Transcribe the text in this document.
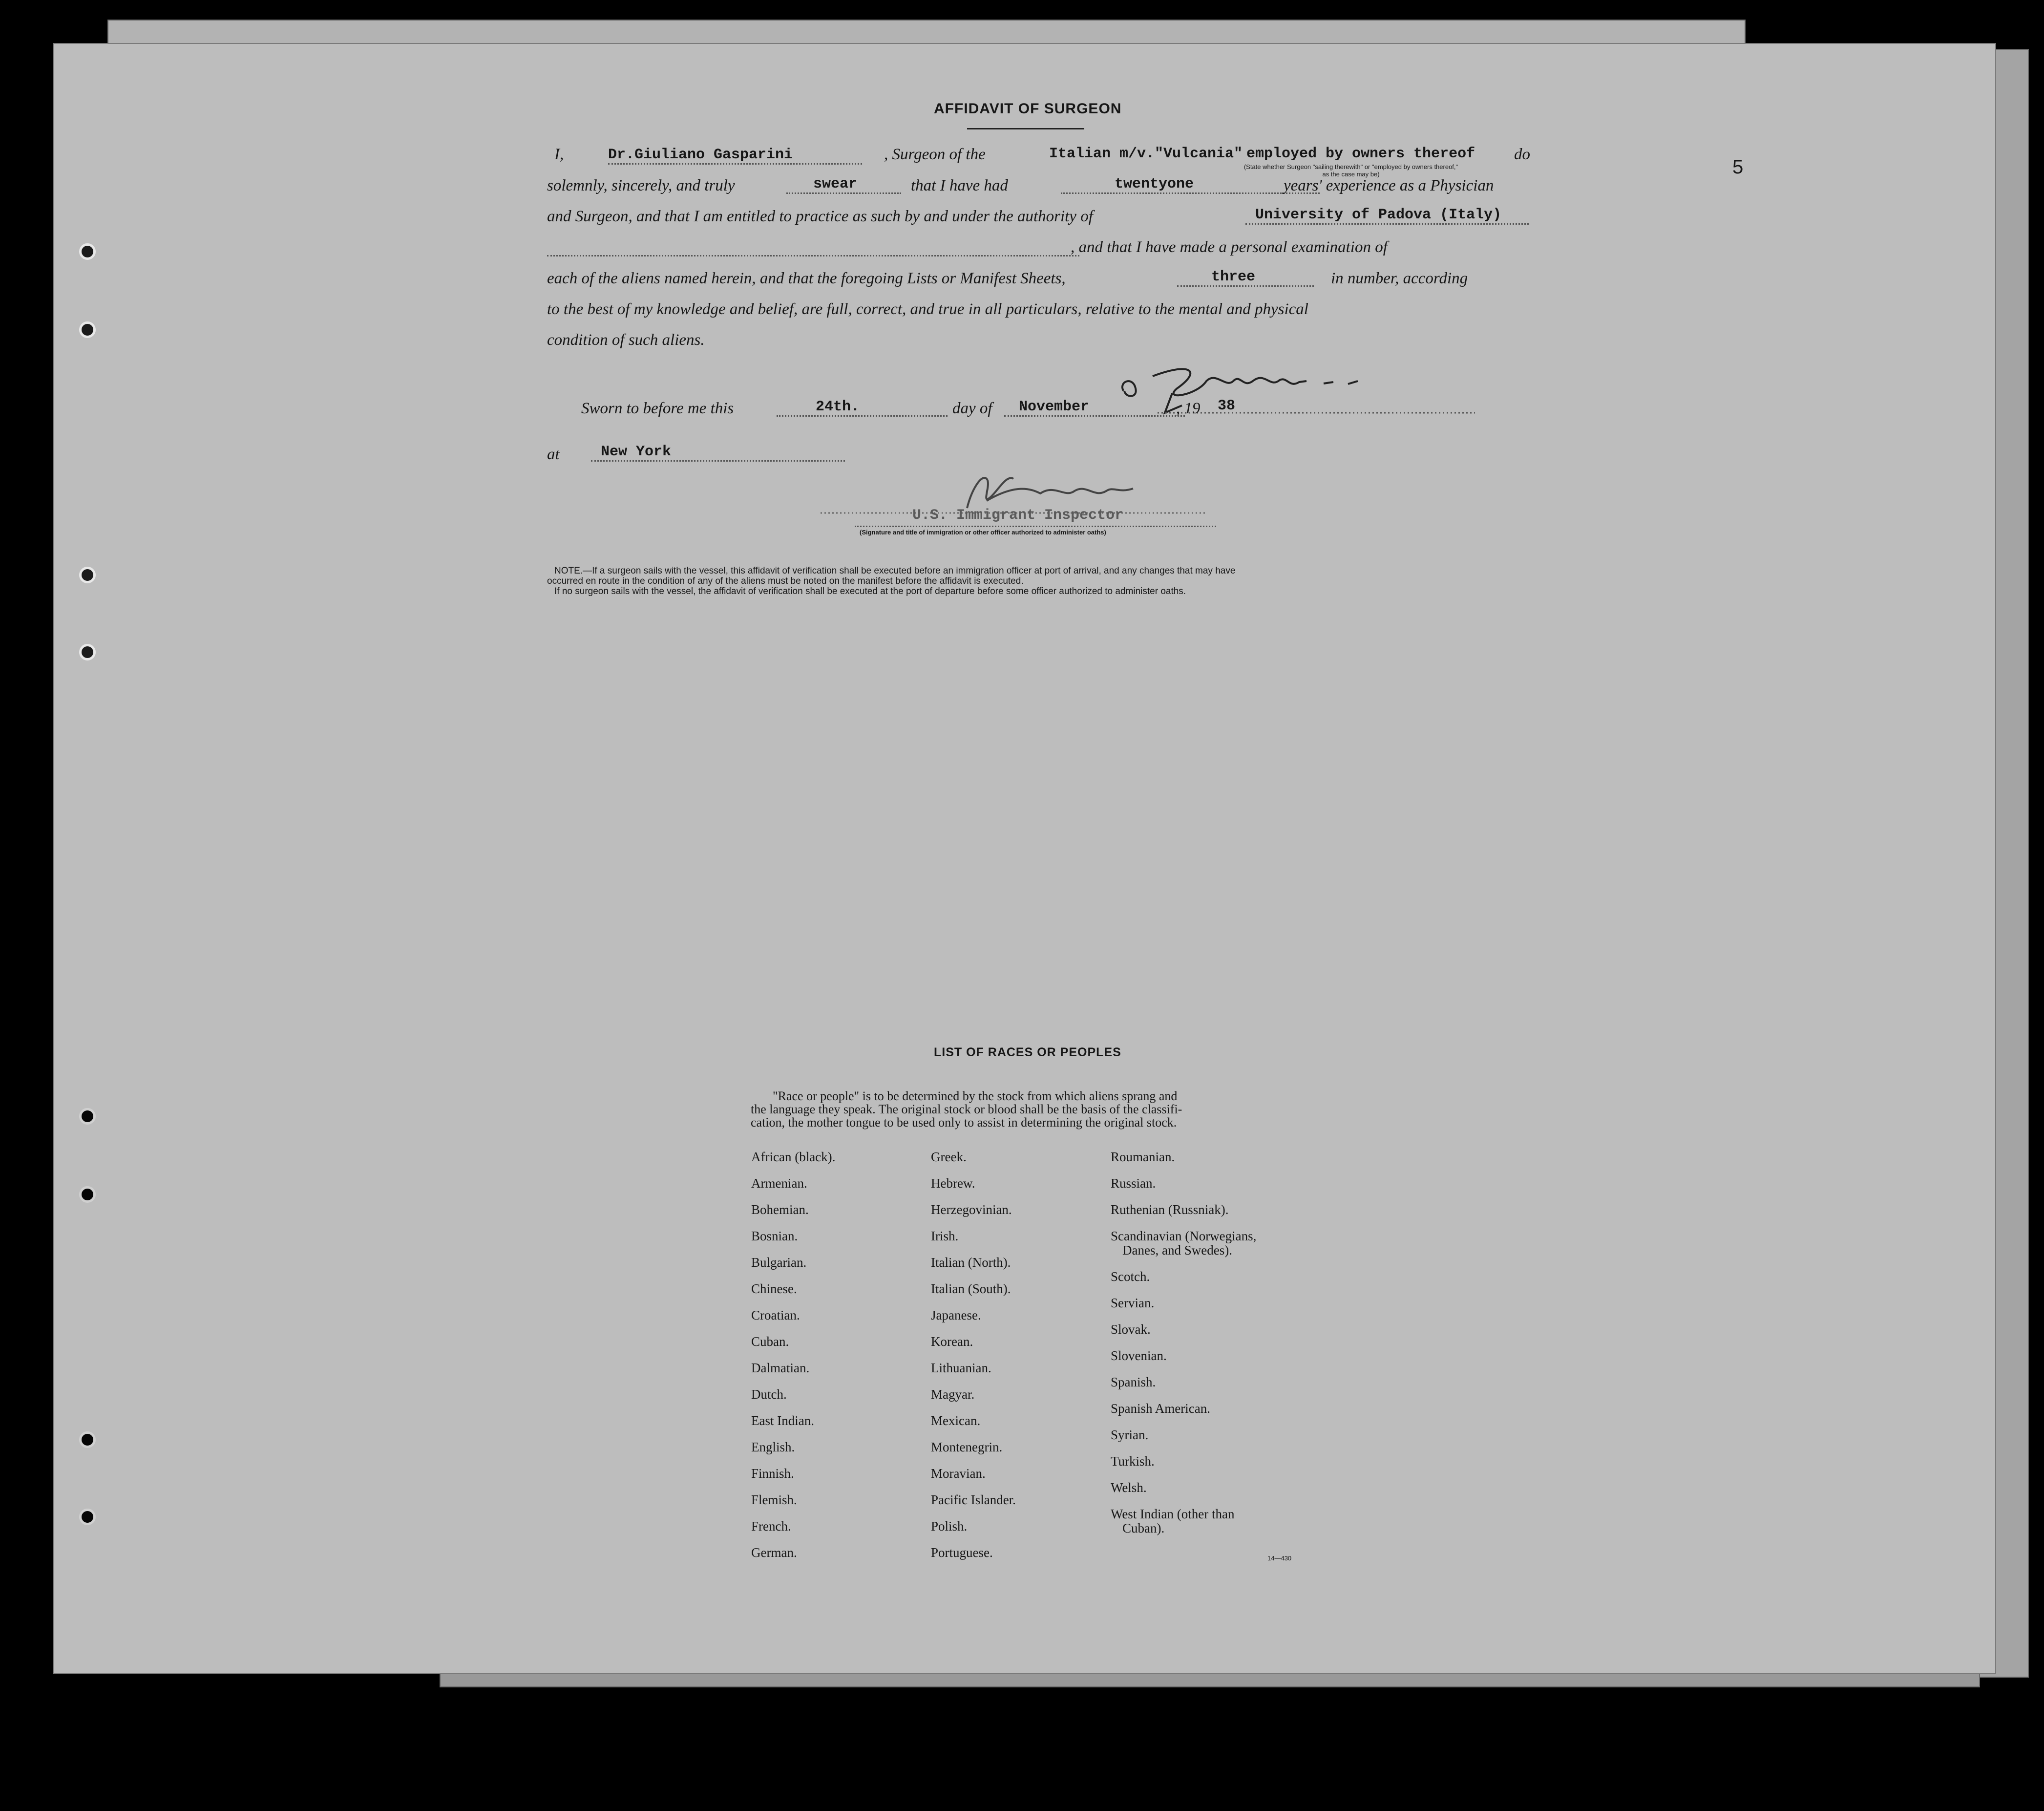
5
AFFIDAVIT OF SURGEON
I,	Dr.Giuliano Gasparini	, Surgeon of the	Italian m/v."Vulcania" employed by owners thereof do
(State whether Surgeon "sailing therewith" or "employed by owners thereof," as the case may be)
solemnly, sincerely, and truly	swear	that I have had	twentyone	years' experience as a Physician
and Surgeon, and that I am entitled to practice as such by and under the authority of	University of Padova (Italy)
, and that I have made a personal examination of
each of the aliens named herein, and that the foregoing Lists or Manifest Sheets,	three	in number, according
to the best of my knowledge and belief, are full, correct, and true in all particulars, relative to the mental and physical
condition of such aliens.
Sworn to before me this	24th.	day of	November	, 19 38
at	New York
U.S. Immigrant Inspector
(Signature and title of immigration or other officer authorized to administer oaths)
NOTE.—If a surgeon sails with the vessel, this affidavit of verification shall be executed before an immigration officer at port of arrival, and any changes that may have
occurred en route in the condition of any of the aliens must be noted on the manifest before the affidavit is executed.
If no surgeon sails with the vessel, the affidavit of verification shall be executed at the port of departure before some officer authorized to administer oaths.
LIST OF RACES OR PEOPLES
"Race or people" is to be determined by the stock from which aliens sprang and
the language they speak. The original stock or blood shall be the basis of the classifi-
cation, the mother tongue to be used only to assist in determining the original stock.
African (black).
Armenian.
Bohemian.
Bosnian.
Bulgarian.
Chinese.
Croatian.
Cuban.
Dalmatian.
Dutch.
East Indian.
English.
Finnish.
Flemish.
French.
German.
Greek.
Hebrew.
Herzegovinian.
Irish.
Italian (North).
Italian (South).
Japanese.
Korean.
Lithuanian.
Magyar.
Mexican.
Montenegrin.
Moravian.
Pacific Islander.
Polish.
Portuguese.
Roumanian.
Russian.
Ruthenian (Russniak).
Scandinavian (Norwegians,
Danes, and Swedes).
Scotch.
Servian.
Slovak.
Slovenian.
Spanish.
Spanish American.
Syrian.
Turkish.
Welsh.
West Indian (other than
Cuban).
14—430
